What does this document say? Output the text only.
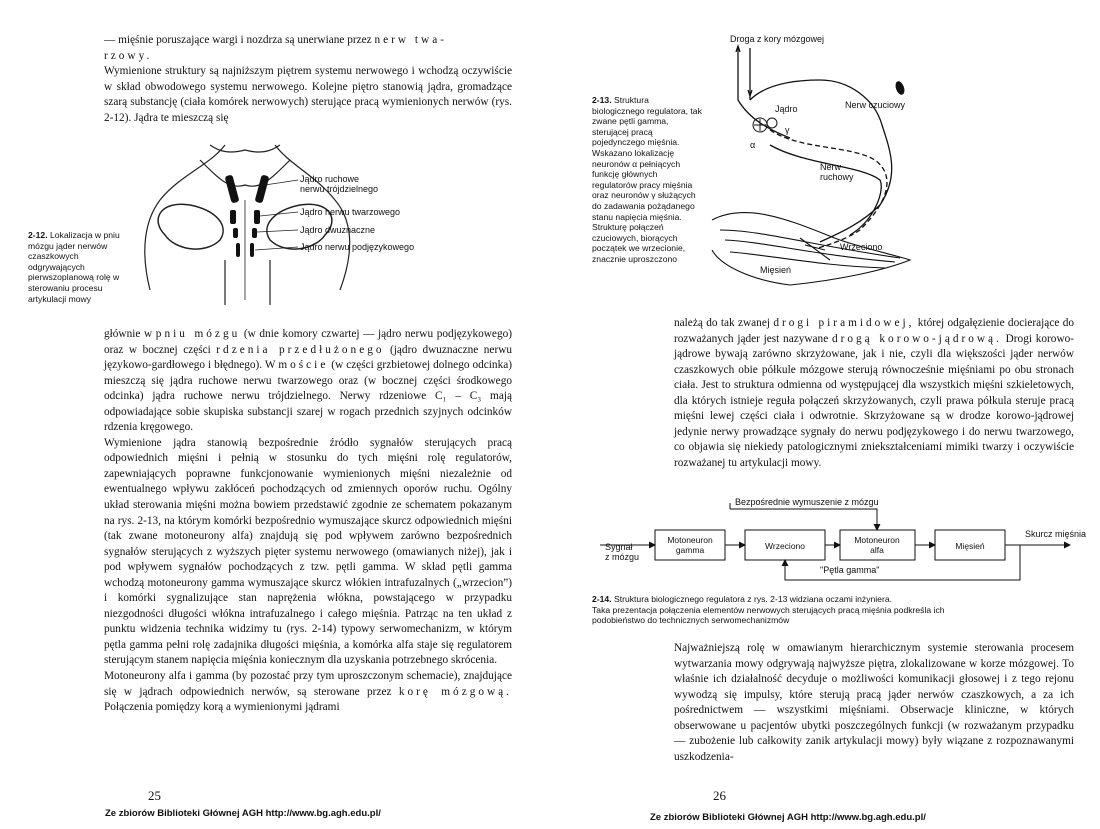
— mięśnie poruszające wargi i nozdrza są unerwiane przez nerw twa-
rzowy.

Wymienione struktury są najniższym piętrem systemu nerwowego i wchodzą oczywiście w skład obwodowego systemu nerwowego. Kolejne piętro stanowią jądra, gromadzące szarą substancję (ciała komórek nerwowych) sterujące pracą wymienionych nerwów (rys. 2-12). Jądra te mieszczą się

Jądro ruchowe
nerwu trójdzielnego
Jądro nerwu twarzowego
Jądro dwuznaczne
Jądro nerwu podjęzykowego
2-12. Lokalizacja w pniu mózgu jąder nerwów czaszkowych odgrywających pierwszoplanową rolę w sterowaniu procesu artykulacji mowy

głównie w pniu mózgu (w dnie komory czwartej — jądro nerwu podjęzykowego) oraz w bocznej części rdzenia przedłużonego (jądro dwuznaczne nerwu językowo-gardłowego i błędnego). W moście (w części grzbietowej dolnego odcinka) mieszczą się jądra ruchowe nerwu twarzowego oraz (w bocznej części środkowego odcinka) jądra ruchowe nerwu trójdzielnego. Nerwy rdzeniowe C₁ – C₃ mają odpowiadające sobie skupiska substancji szarej w rogach przednich szyjnych odcinków rdzenia kręgowego.

Wymienione jądra stanowią bezpośrednie źródło sygnałów sterujących pracą odpowiednich mięśni i pełnią w stosunku do tych mięśni rolę regulatorów, zapewniających poprawne funkcjonowanie wymienionych mięśni niezależnie od ewentualnego wpływu zakłóceń pochodzących od zmiennych oporów ruchu. Ogólny układ sterowania mięśni można bowiem przedstawić zgodnie ze schematem pokazanym na rys. 2-13, na którym komórki bezpośrednio wymuszające skurcz odpowiednich mięśni (tak zwane motoneurony alfa) znajdują się pod wpływem zarówno bezpośrednich sygnałów sterujących z wyższych pięter systemu nerwowego (omawianych niżej), jak i pod wpływem sygnałów pochodzących z tzw. pętli gamma. W skład pętli gamma wchodzą motoneurony gamma wymuszające skurcz włókien intrafuzalnych („wrzecion”) i komórki sygnalizujące stan naprężenia włókna, powstającego w przypadku niezgodności długości włókna intrafuzalnego i całego mięśnia. Patrząc na ten układ z punktu widzenia technika widzimy tu (rys. 2-14) typowy serwomechanizm, w którym pętla gamma pełni rolę zadajnika długości mięśnia, a komórka alfa staje się regulatorem sterującym stanem napięcia mięśnia koniecznym dla uzyskania potrzebnego skrócenia.

Motoneurony alfa i gamma (by pozostać przy tym uproszczonym schemacie), znajdujące się w jądrach odpowiednich nerwów, są sterowane przez korę mózgową. Połączenia pomiędzy korą a wymienionymi jądrami

25
Ze zbiorów Biblioteki Głównej AGH http://www.bg.agh.edu.pl/
2-13. Struktura biologicznego regulatora, tak zwane pętli gamma, sterującej pracą pojedynczego mięśnia. Wskazano lokalizację neuronów α pełniących funkcję głównych regulatorów pracy mięśnia oraz neuronów γ służących do zadawania pożądanego stanu napięcia mięśnia. Strukturę połączeń czuciowych, biorących początek we wrzecionie, znacznie uproszczono
Droga z kory mózgowej
Jądro	Nerw czuciowy
γ
α
Nerw
ruchowy
Wrzeciono
Mięsień

należą do tak zwanej drogi piramidowej, której odgałęzienie docierające do rozważanych jąder jest nazywane drogą korowo-jądrową. Drogi korowo-jądrowe bywają zarówno skrzyżowane, jak i nie, czyli dla większości jąder nerwów czaszkowych obie półkule mózgowe sterują równocześnie mięśniami po obu stronach ciała. Jest to struktura odmienna od występującej dla wszystkich mięśni szkieletowych, dla których istnieje reguła połączeń skrzyżowanych, czyli prawa półkula steruje pracą mięśni lewej części ciała i odwrotnie. Skrzyżowane są w drodze korowo-jądrowej jedynie nerwy prowadzące sygnały do nerwu podjęzykowego i do nerwu twarzowego, co objawia się niekiedy patologicznymi zniekształceniami mimiki twarzy i oczywiście rozważanej tu artykulacji mowy.

Bezpośrednie wymuszenie z mózgu
Sygnał
z mózgu
Skurcz mięśnia
"Pętla gamma"
Motoneuron
gamma	Wrzeciono
Motoneuron
alfa	Mięsień
2-14. Struktura biologicznego regulatora z rys. 2-13 widziana oczami inżyniera.
Taka prezentacja połączenia elementów nerwowych sterujących pracą mięśnia podkreśla ich
podobieństwo do technicznych serwomechanizmów

Najważniejszą rolę w omawianym hierarchicznym systemie sterowania procesem wytwarzania mowy odgrywają najwyższe piętra, zlokalizowane w korze mózgowej. To właśnie ich działalność decyduje o możliwości komunikacji głosowej i z tego rejonu wywodzą się impulsy, które sterują pracą jąder nerwów czaszkowych, a za ich pośrednictwem — wszystkimi mięśniami. Obserwacje kliniczne, w których obserwowane u pacjentów ubytki poszczególnych funkcji (w rozważanym przypadku — zubożenie lub całkowity zanik artykulacji mowy) były wiązane z rozpoznawanymi uszkodzenia-

26
Ze zbiorów Biblioteki Głównej AGH http://www.bg.agh.edu.pl/
